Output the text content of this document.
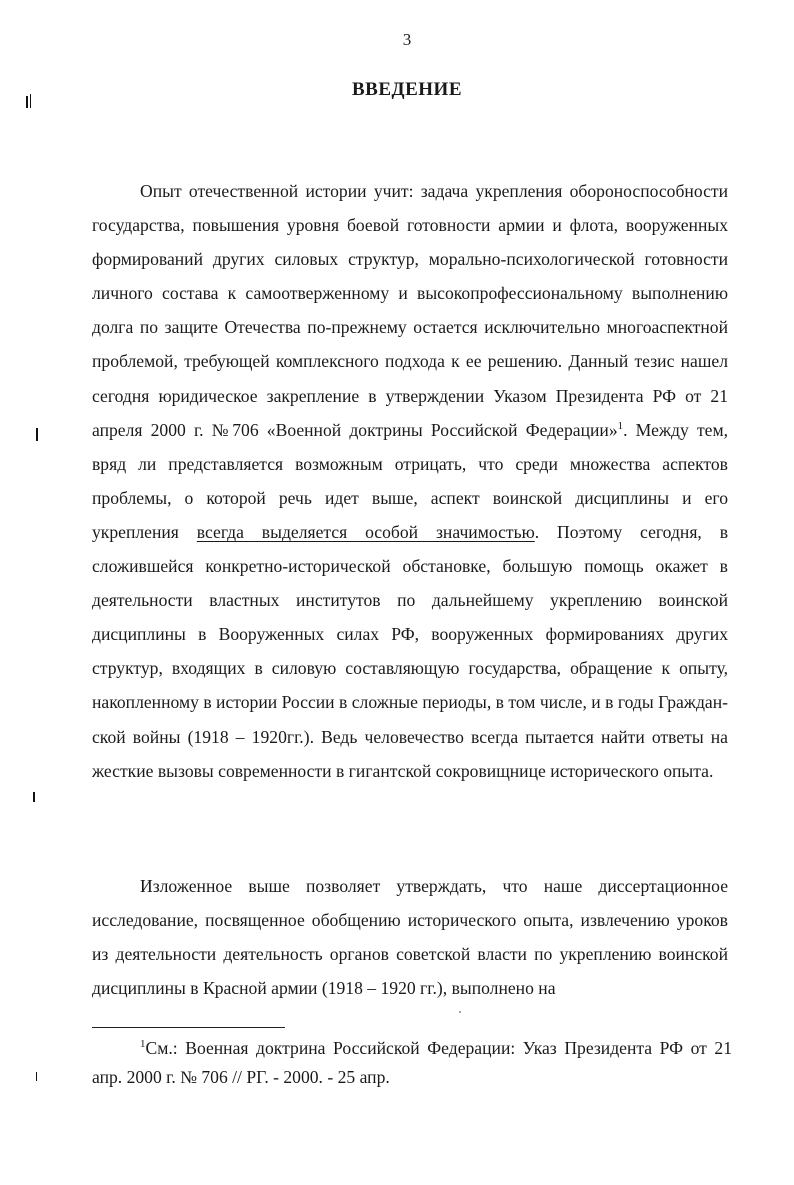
3
ВВЕДЕНИЕ

Опыт отечественной истории учит: задача укрепления обороноспособности государства, повышения уровня боевой готовности армии и флота, вооруженных формирований других силовых структур, морально-психологической готовности личного состава к самоотверженному и высокопрофессиональному выполнению долга по защите Отечества по-прежнему остается исключительно многоаспектной проблемой, требующей комплексного подхода к ее решению. Данный тезис нашел сегодня юридическое закрепление в утверждении Указом Президента РФ от 21 апреля 2000 г. №706 «Военной доктрины Российской Федерации»$^1$. Между тем, вряд ли представляется возможным отрицать, что среди множества аспектов проблемы, о которой речь идет выше, аспект воинской дисциплины и его укрепления всегда выделяется особой значимостью. Поэтому сегодня, в сложившейся конкретно-исторической обстановке, большую помощь окажет в деятельности властных институтов по дальнейшему укреплению воинской дисциплины в Вооруженных силах РФ, вооруженных формированиях других структур, входящих в силовую составляющую государства, обращение к опыту, накопленному в истории России в сложные периоды, в том числе, и в годы Гражданской войны (1918 – 1920гг.). Ведь человечество всегда пытается найти ответы на жесткие вызовы современности в гигантской сокровищнице исторического опыта.

Изложенное выше позволяет утверждать, что наше диссертационное исследование, посвященное обобщению исторического опыта, извлечению уроков из деятельности деятельность органов советской власти по укреплению воинской дисциплины в Красной армии (1918 – 1920 гг.), выполнено на

$^1$См.: Военная доктрина Российской Федерации: Указ Президента РФ от 21 апр. 2000 г. № 706 // РГ. - 2000. - 25 апр.
